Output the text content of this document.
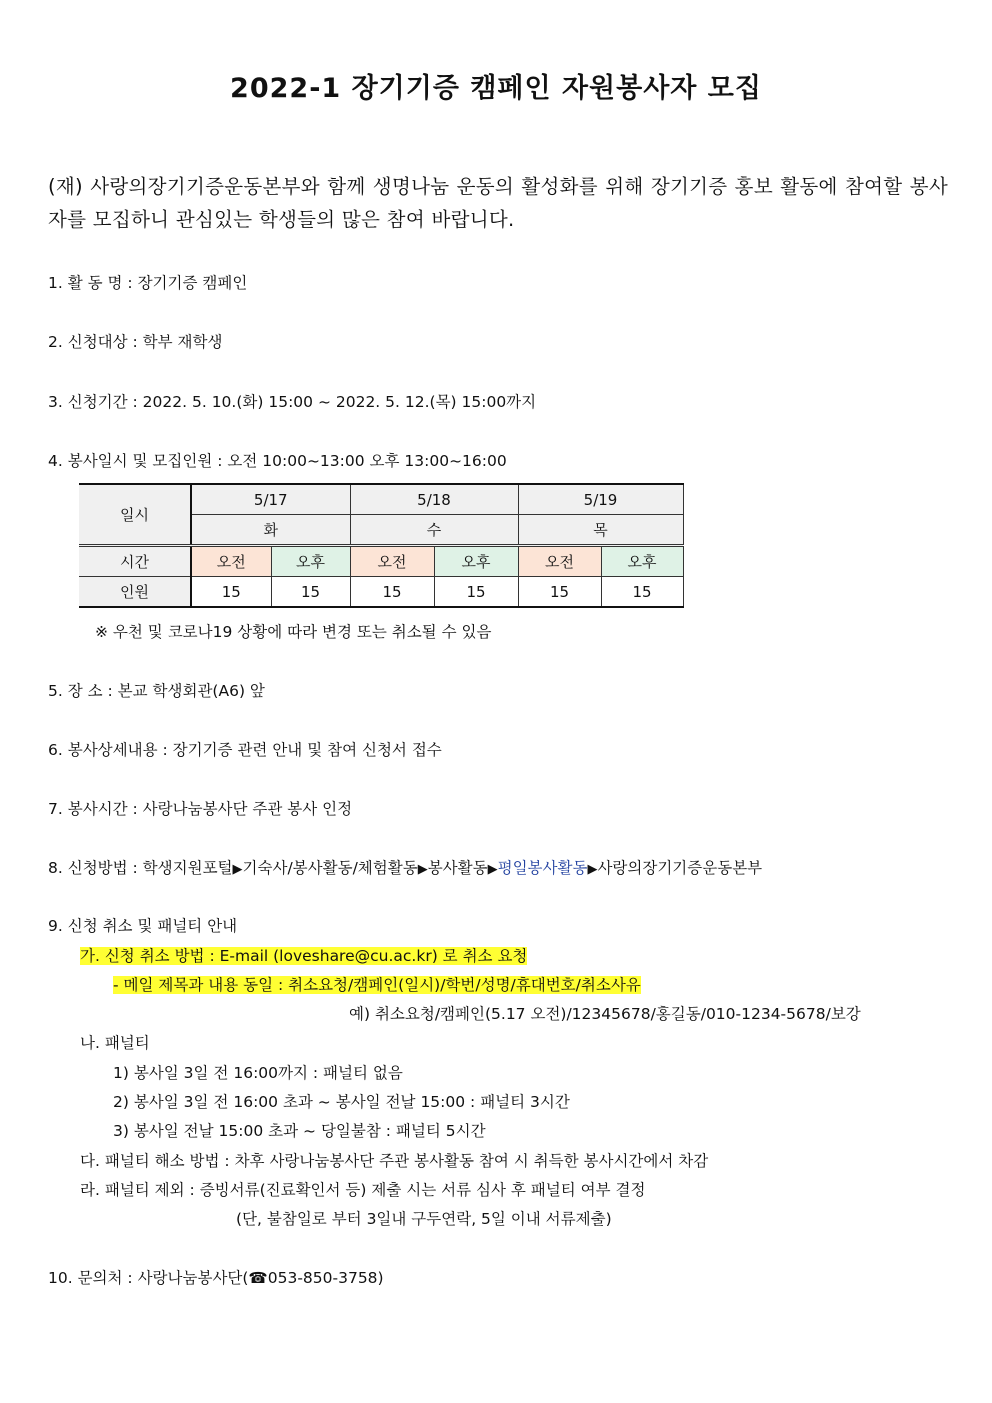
2022-1 장기기증 캠페인 자원봉사자 모집
(재) 사랑의장기기증운동본부와 함께 생명나눔 운동의 활성화를 위해 장기기증 홍보 활동에 참여할 봉사자를 모집하니 관심있는 학생들의 많은 참여 바랍니다.
1. 활 동 명 : 장기기증 캠페인
2. 신청대상 : 학부 재학생
3. 신청기간 : 2022. 5. 10.(화) 15:00 ~ 2022. 5. 12.(목) 15:00까지
4. 봉사일시 및 모집인원 : 오전 10:00~13:00 오후 13:00~16:00
일시	5/17		5/18		5/19	
	화		수		목	
시간	오전	오후	오전	오후	오전	오후
인원	15	15	15	15	15	15
※ 우천 및 코로나19 상황에 따라 변경 또는 취소될 수 있음
5. 장 소 : 본교 학생회관(A6) 앞
6. 봉사상세내용 : 장기기증 관련 안내 및 참여 신청서 접수
7. 봉사시간 : 사랑나눔봉사단 주관 봉사 인정
8. 신청방법 : 학생지원포털▶기숙사/봉사활동/체험활동▶봉사활동▶평일봉사활동▶사랑의장기기증운동본부
9. 신청 취소 및 패널티 안내
가. 신청 취소 방법 : E-mail (loveshare@cu.ac.kr) 로 취소 요청
- 메일 제목과 내용 동일 : 취소요청/캠페인(일시)/학번/성명/휴대번호/취소사유
예) 취소요청/캠페인(5.17 오전)/12345678/홍길동/010-1234-5678/보강
나. 패널티
1) 봉사일 3일 전 16:00까지 : 패널티 없음
2) 봉사일 3일 전 16:00 초과 ~ 봉사일 전날 15:00 : 패널티 3시간
3) 봉사일 전날 15:00 초과 ~ 당일불참 : 패널티 5시간
다. 패널티 해소 방법 : 차후 사랑나눔봉사단 주관 봉사활동 참여 시 취득한 봉사시간에서 차감
라. 패널티 제외 : 증빙서류(진료확인서 등) 제출 시는 서류 심사 후 패널티 여부 결정
(단, 불참일로 부터 3일내 구두연락, 5일 이내 서류제출)
10. 문의처 : 사랑나눔봉사단(☎053-850-3758)
